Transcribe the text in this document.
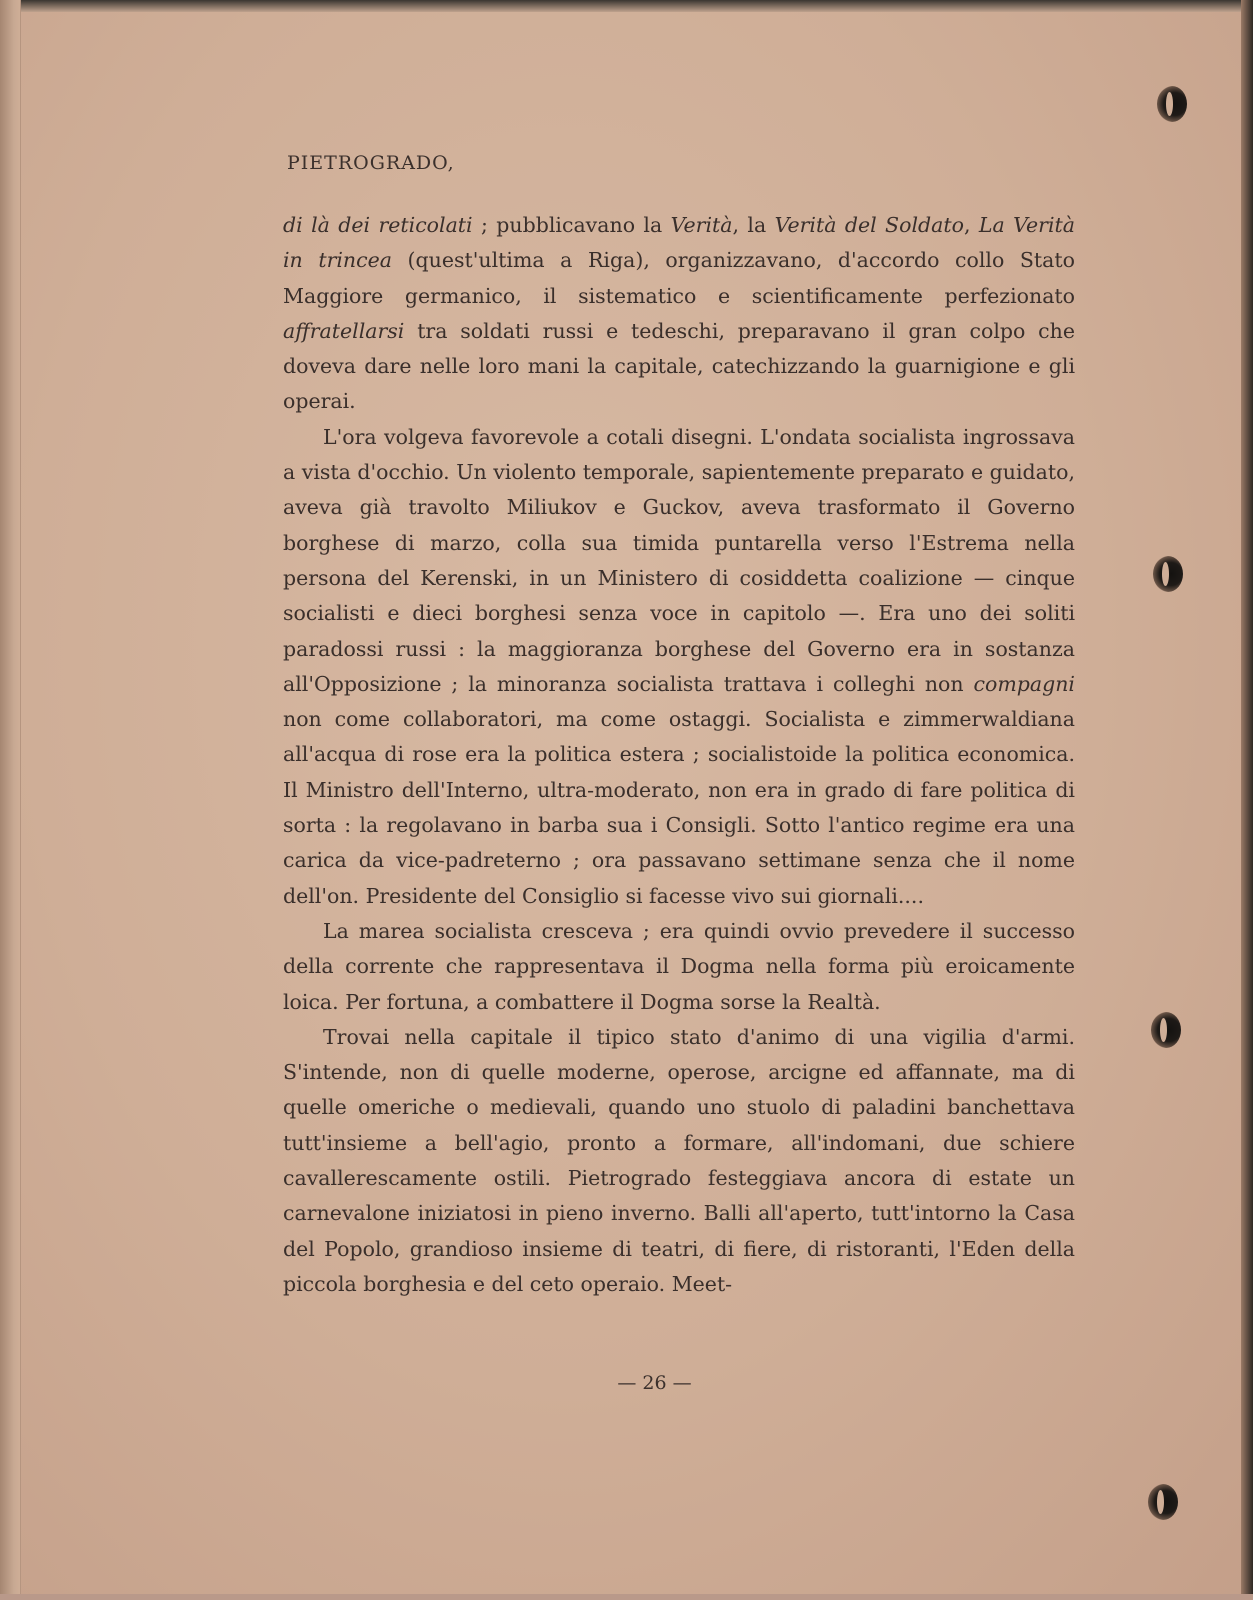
PIETROGRADO,

di là dei reticolati ; pubblicavano la Verità, la Verità del Soldato, La Verità in trincea (quest'ultima a Riga), organizzavano, d'accordo collo Stato Maggiore germanico, il sistematico e scientificamente perfezionato affratellarsi tra soldati russi e tedeschi, preparavano il gran colpo che doveva dare nelle loro mani la capitale, catechizzando la guarnigione e gli operai.

L'ora volgeva favorevole a cotali disegni. L'ondata socialista ingrossava a vista d'occhio. Un violento temporale, sapientemente preparato e guidato, aveva già travolto Miliukov e Guckov, aveva trasformato il Governo borghese di marzo, colla sua timida puntarella verso l'Estrema nella persona del Kerenski, in un Ministero di cosiddetta coalizione — cinque socialisti e dieci borghesi senza voce in capitolo —. Era uno dei soliti paradossi russi : la maggioranza borghese del Governo era in sostanza all'Opposizione ; la minoranza socialista trattava i colleghi non compagni non come collaboratori, ma come ostaggi. Socialista e zimmerwaldiana all'acqua di rose era la politica estera ; socialistoide la politica economica. Il Ministro dell'Interno, ultra-moderato, non era in grado di fare politica di sorta : la regolavano in barba sua i Consigli. Sotto l'antico regime era una carica da vice-padreterno ; ora passavano settimane senza che il nome dell'on. Presidente del Consiglio si facesse vivo sui giornali....

La marea socialista cresceva ; era quindi ovvio prevedere il successo della corrente che rappresentava il Dogma nella forma più eroicamente loica. Per fortuna, a combattere il Dogma sorse la Realtà.

Trovai nella capitale il tipico stato d'animo di una vigilia d'armi. S'intende, non di quelle moderne, operose, arcigne ed affannate, ma di quelle omeriche o medievali, quando uno stuolo di paladini banchettava tutt'insieme a bell'agio, pronto a formare, all'indomani, due schiere cavallerescamente ostili. Pietrogrado festeggiava ancora di estate un carnevalone iniziatosi in pieno inverno. Balli all'aperto, tutt'intorno la Casa del Popolo, grandioso insieme di teatri, di fiere, di ristoranti, l'Eden della piccola borghesia e del ceto operaio. Meet-

— 26 —
